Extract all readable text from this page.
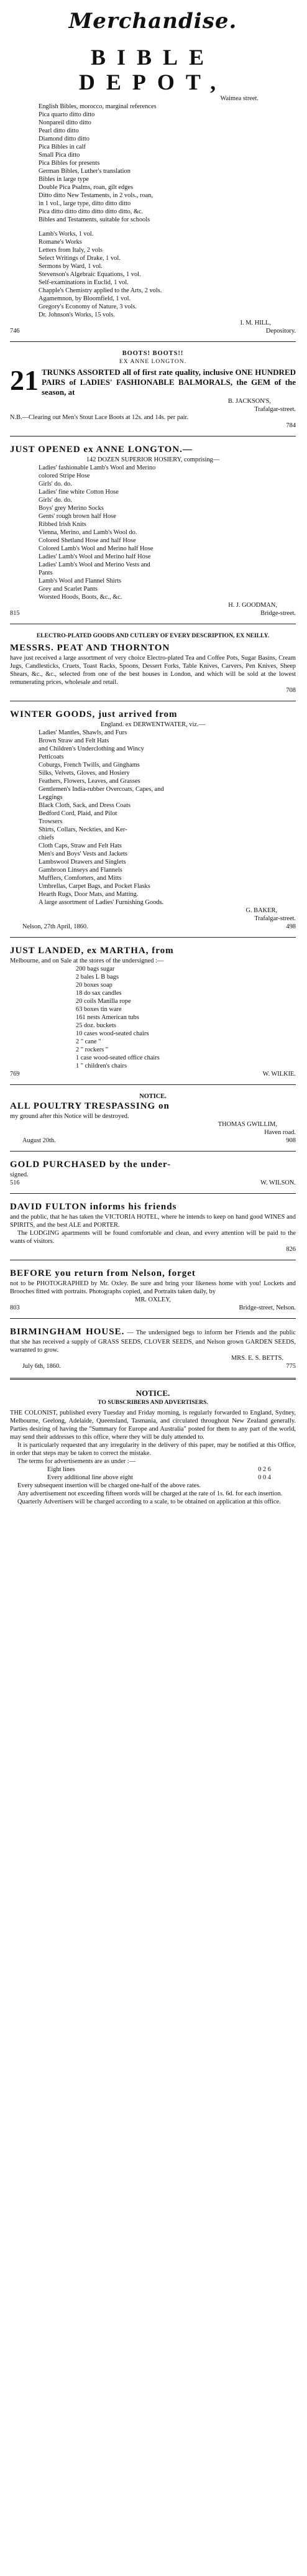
Merchandise.
BIBLE DEPOT,
Waimea street.
English Bibles, morocco, marginal references
Pica quarto ditto ditto
Nonpareil ditto ditto
Pearl ditto ditto
Diamond ditto ditto
Pica Bibles in calf
Small Pica ditto
Pica Bibles for presents
German Bibles, Luther's translation
Bibles in large type
Double Pica Psalms, roan, gilt edges
Ditto ditto New Testaments, in 2 vols., roan,
in 1 vol., large type, ditto ditto ditto
Pica ditto ditto ditto ditto ditto ditto, &c.
Bibles and Testaments, suitable for schools
Lamb's Works, 1 vol.
Romane's Works
Letters from Italy, 2 vols
Select Writings of Drake, 1 vol.
Sermons by Ward, 1 vol.
Stevenson's Algebraic Equations, 1 vol.
Self-examinations in Euclid, 1 vol.
Chapple's Chemistry applied to the Arts, 2 vols.
Agamemnon, by Bloomfield, 1 vol.
Gregory's Economy of Nature, 3 vols.
Dr. Johnson's Works, 15 vols.
I. M. HILL,
746	Depository.
BOOTS! BOOTS!!
EX ANNE LONGTON.
21 TRUNKS ASSORTED all of first rate quality, inclusive ONE HUNDRED PAIRS of LADIES' FASHIONABLE BALMORALS, the GEM of the season, at
B. JACKSON'S,
Trafalgar-street.
N.B.—Clearing out Men's Stout Lace Boots at 12s. and 14s. per pair.
784
JUST OPENED ex ANNE LONGTON.—
142 DOZEN SUPERIOR HOSIERY, comprising—
Ladies' fashionable Lamb's Wool and Merino
colored Stripe Hose
Girls' do. do.
Ladies' fine white Cotton Hose
Girls' do. do.
Boys' grey Merino Socks
Gents' rough brown half Hose
Ribbed Irish Knits
Vienna, Merino, and Lamb's Wool do.
Colored Shetland Hose and half Hose
Colored Lamb's Wool and Merino half Hose
Ladies' Lamb's Wool and Merino half Hose
Ladies' Lamb's Wool and Merino Vests and
Pants
Lamb's Wool and Flannel Shirts
Grey and Scarlet Pants
Worsted Hoods, Boots, &c., &c.
H. J. GOODMAN,
815	Bridge-street.
ELECTRO-PLATED GOODS AND CUTLERY OF EVERY DESCRIPTION, EX NEILLY.
MESSRS. PEAT AND THORNTON
have just received a large assortment of very choice Electro-plated Tea and Coffee Pots, Sugar Basins, Cream Jugs, Candlesticks, Cruets, Toast Racks, Spoons, Dessert Forks, Table Knives, Carvers, Pen Knives, Sheep Shears, &c., &c., selected from one of the best houses in London, and which will be sold at the lowest remunerating prices, wholesale and retail.
708
WINTER GOODS, just arrived from
England. ex DERWENTWATER, viz.—
Ladies' Mantles, Shawls, and Furs
Brown Straw and Felt Hats
and Children's Underclothing and Wincy
Petticoats
Coburgs, French Twills, and Ginghams
Silks, Velvets, Gloves, and Hosiery
Feathers, Flowers, Leaves, and Grasses
Gentlemen's India-rubber Overcoats, Capes, and
Leggings
Black Cloth, Sack, and Dress Coats
Bedford Cord, Plaid, and Pilot
Trowsers
Shirts, Collars, Neckties, and Ker-
chiefs
Cloth Caps, Straw and Felt Hats
Men's and Boys' Vests and Jackets
Lambswool Drawers and Singlets
Gambroon Linseys and Flannels
Mufflers, Comforters, and Mitts
Umbrellas, Carpet Bags, and Pocket Flasks
Hearth Rugs, Door Mats, and Matting.
A large assortment of Ladies' Furnishing Goods.
G. BAKER,
Trafalgar-street.
Nelson, 27th April, 1860.	498
JUST LANDED, ex MARTHA, from
Melbourne, and on Sale at the stores of the undersigned :—
200 bags sugar
2 bales L B bags
20 boxes soap
18 do sax candles
20 coils Manilla rope
63 boxes tin ware
161 nests American tubs
25 doz. buckets
10 cases wood-seated chairs
2 " cane "
2 " rockers "
1 case wood-seated office chairs
1 " children's chairs
769	W. WILKIE.
NOTICE.
ALL POULTRY TRESPASSING on
my ground after this Notice will be destroyed.
THOMAS GWILLIM,
Haven road.
August 20th.	908
GOLD PURCHASED by the under-
signed.
516	W. WILSON.
DAVID FULTON informs his friends
and the public, that he has taken the VICTORIA HOTEL, where he intends to keep on hand good WINES and SPIRITS, and the best ALE and PORTER.
The LODGING apartments will be found comfortable and clean, and every attention will be paid to the wants of visitors.
826
BEFORE you return from Nelson, forget
not to be PHOTOGRAPHED by Mr. Oxley. Be sure and bring your likeness home with you! Lockets and Brooches fitted with portraits. Photographs copied, and Portraits taken daily, by
MR. OXLEY,
803	Bridge-street, Nelson.
BIRMINGHAM HOUSE. — The undersigned begs to inform her Friends and the public that she has received a supply of GRASS SEEDS, CLOVER SEEDS, and Nelson grown GARDEN SEEDS, warranted to grow.
MRS. E. S. BETTS.
July 6th, 1860.	775
NOTICE.
TO SUBSCRIBERS AND ADVERTISERS.
THE COLONIST, published every Tuesday and Friday morning, is regularly forwarded to England, Sydney, Melbourne, Geelong, Adelaide, Queensland, Tasmania, and circulated throughout New Zealand generally. Parties desiring of having the "Summary for Europe and Australia" posted for them to any part of the world, may send their addresses to this office, where they will be duly attended to.
It is particularly requested that any irregularity in the delivery of this paper, may be notified at this Office, in order that steps may be taken to correct the mistake.
The terms for advertisements are as under :—
Eight lines	0 2 6
Every additional line above eight	0 0 4
Every subsequent insertion will be charged one-half of the above rates.
Any advertisement not exceeding fifteen words will be charged at the rate of 1s. 6d. for each insertion.
Quarterly Advertisers will be charged according to a scale, to be obtained on application at this office.
